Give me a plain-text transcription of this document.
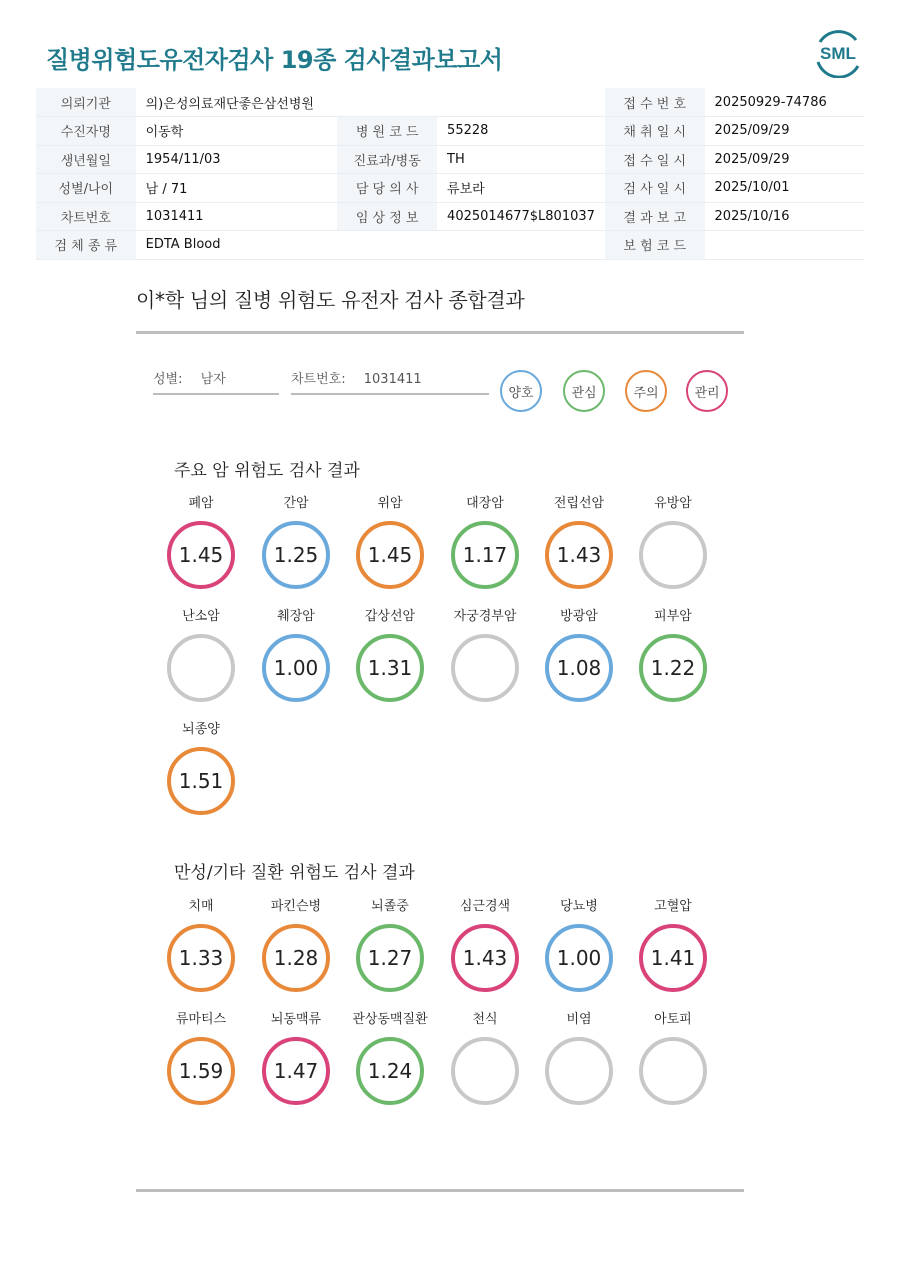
질병위험도유전자검사 19종 검사결과보고서	SML
의뢰기관	의)은성의료재단좋은삼선병원			접 수 번 호	20250929-74786
수진자명	이동학	병 원 코 드	55228	채 취 일 시	2025/09/29
생년월일	1954/11/03	진료과/병동	TH	접 수 일 시	2025/09/29
성별/나이	남 / 71	담 당 의 사	류보라	검 사 일 시	2025/10/01
차트번호	1031411	임 상 정 보	4025014677$L801037	결 과 보 고	2025/10/16
검 체 종 류	EDTA Blood			보 험 코 드	
이*학 님의 질병 위험도 유전자 검사 종합결과
성별: 남자	차트번호: 1031411
양호	관심	주의	관리
주요 암 위험도 검사 결과
폐암
1.45
간암
1.25
위암
1.45
대장암
1.17
전립선암
1.43
유방암
난소암	췌장암
1.00
갑상선암
1.31
자궁경부암	방광암
1.08
피부암
1.22
뇌종양
1.51
만성/기타 질환 위험도 검사 결과
치매
1.33
파킨슨병
1.28
뇌졸중
1.27
심근경색
1.43
당뇨병
1.00
고혈압
1.41
류마티스
1.59
뇌동맥류
1.47
관상동맥질환
1.24
천식	비염	아토피
